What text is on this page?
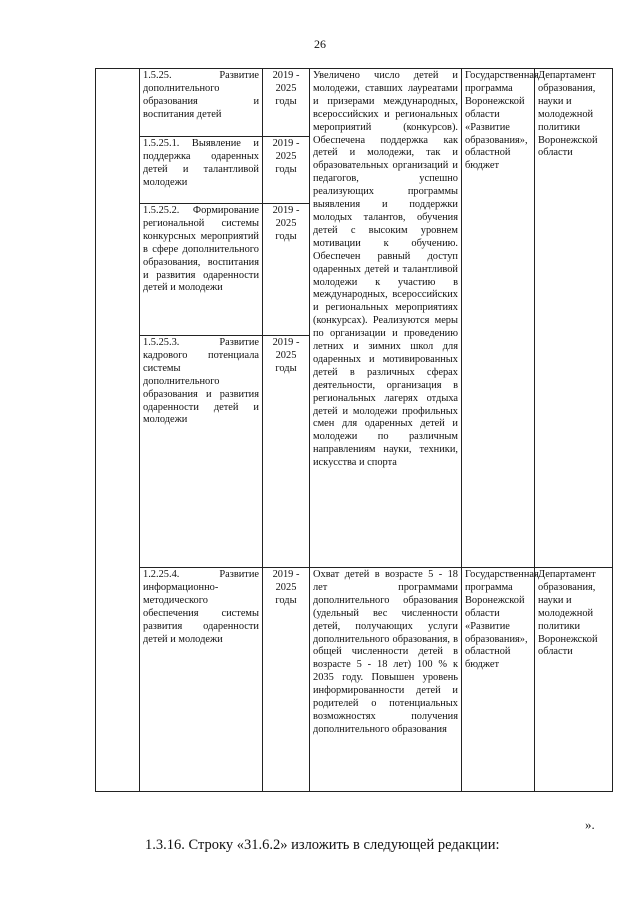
26
	1.5.25. Развитие дополнительного образования и воспитания детей	2019 - 2025 годы	Увеличено число детей и молодежи, ставших лауреатами и призерами международных, всероссийских и региональных мероприятий (конкурсов). Обеспечена поддержка как детей и молодежи, так и образовательных организаций и педагогов, успешно реализующих программы выявления и поддержки молодых талантов, обучения детей с высоким уровнем мотивации к обучению. Обеспечен равный доступ одаренных детей и талантливой молодежи к участию в международных, всероссийских и региональных мероприятиях (конкурсах). Реализуются меры по организации и проведению летних и зимних школ для одаренных и мотивированных детей в различных сферах деятельности, организация в региональных лагерях отдыха детей и молодежи профильных смен для одаренных детей и молодежи по различным направлениям науки, техники, искусства и спорта	Государственная программа Воронежской области «Развитие образования», областной бюджет	Департамент образования, науки и молодежной политики Воронежской области
	1.5.25.1. Выявление и поддержка одаренных детей и талантливой молодежи	2019 - 2025 годы			
	1.5.25.2. Формирование региональной системы конкурсных мероприятий в сфере дополнительного образования, воспитания и развития одаренности детей и молодежи	2019 - 2025 годы			
	1.5.25.3. Развитие кадрового потенциала системы дополнительного образования и развития одаренности детей и молодежи	2019 - 2025 годы			
	1.2.25.4. Развитие информационно-методического обеспечения системы развития одаренности детей и молодежи	2019 - 2025 годы	Охват детей в возрасте 5 - 18 лет программами дополнительного образования (удельный вес численности детей, получающих услуги дополнительного образования, в общей численности детей в возрасте 5 - 18 лет) 100 % к 2035 году. Повышен уровень информированности детей и родителей о потенциальных возможностях получения дополнительного образования	Государственная программа Воронежской области «Развитие образования», областной бюджет	Департамент образования, науки и молодежной политики Воронежской области
».
1.3.16. Строку «31.6.2» изложить в следующей редакции:
